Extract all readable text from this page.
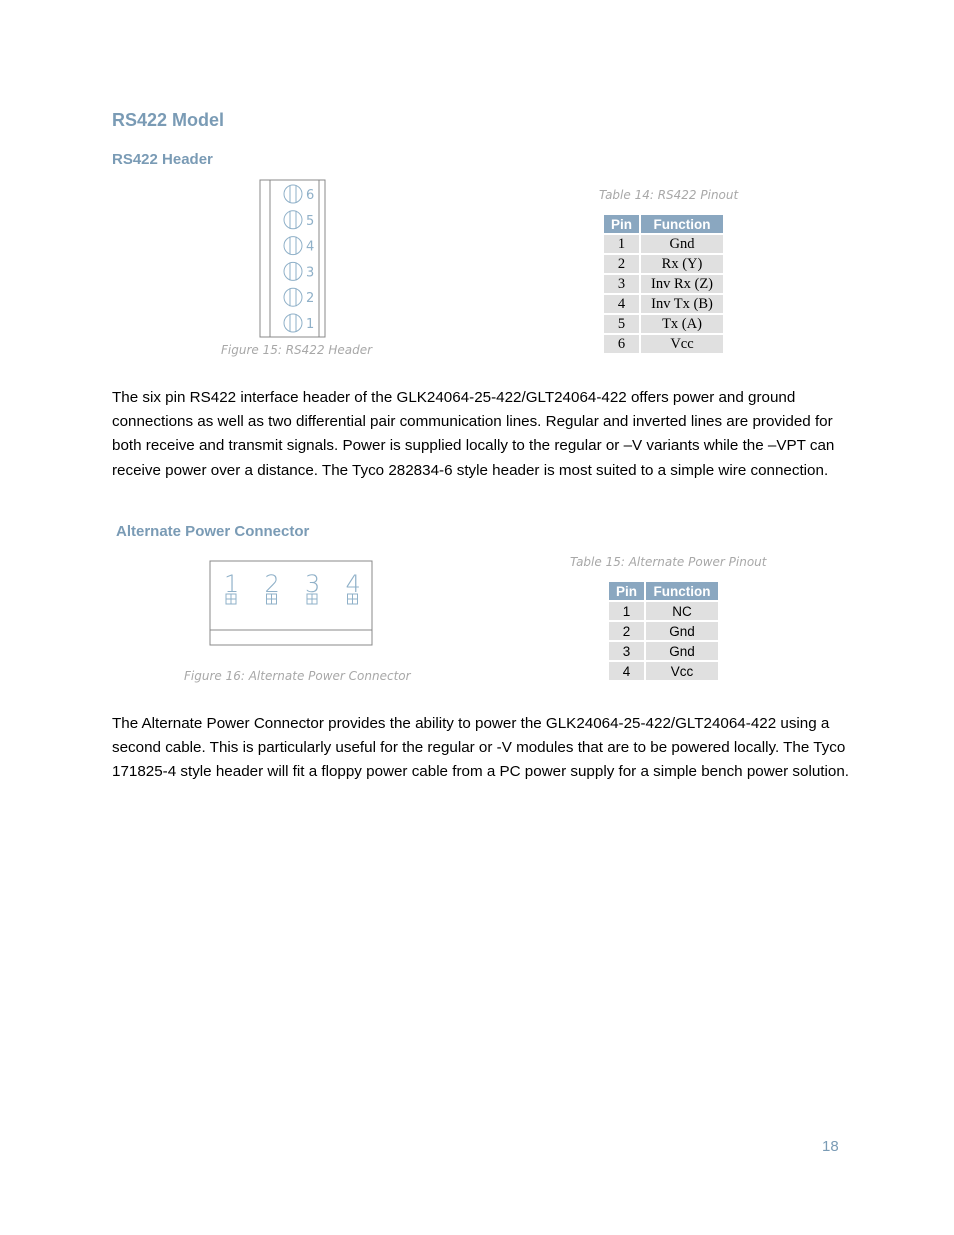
RS422 Model
RS422 Header
6
5
4
3
2
1
Figure 15: RS422 Header
Table 14: RS422 Pinout
Pin	Function
1	Gnd
2	Rx (Y)
3	Inv Rx (Z)
4	Inv Tx (B)
5	Tx (A)
6	Vcc

The six pin RS422 interface header of the GLK24064-25-422/GLT24064-422 offers power and ground connections as well as two differential pair communication lines. Regular and inverted lines are provided for both receive and transmit signals. Power is supplied locally to the regular or –V variants while the –VPT can receive power over a distance. The Tyco 282834-6 style header is most suited to a simple wire connection.

Alternate Power Connector
1 2 3 4
Figure 16: Alternate Power Connector
Table 15: Alternate Power Pinout
Pin	Function
1	NC
2	Gnd
3	Gnd
4	Vcc

The Alternate Power Connector provides the ability to power the GLK24064-25-422/GLT24064-422 using a second cable. This is particularly useful for the regular or -V modules that are to be powered locally. The Tyco 171825-4 style header will fit a floppy power cable from a PC power supply for a simple bench power solution.

18
